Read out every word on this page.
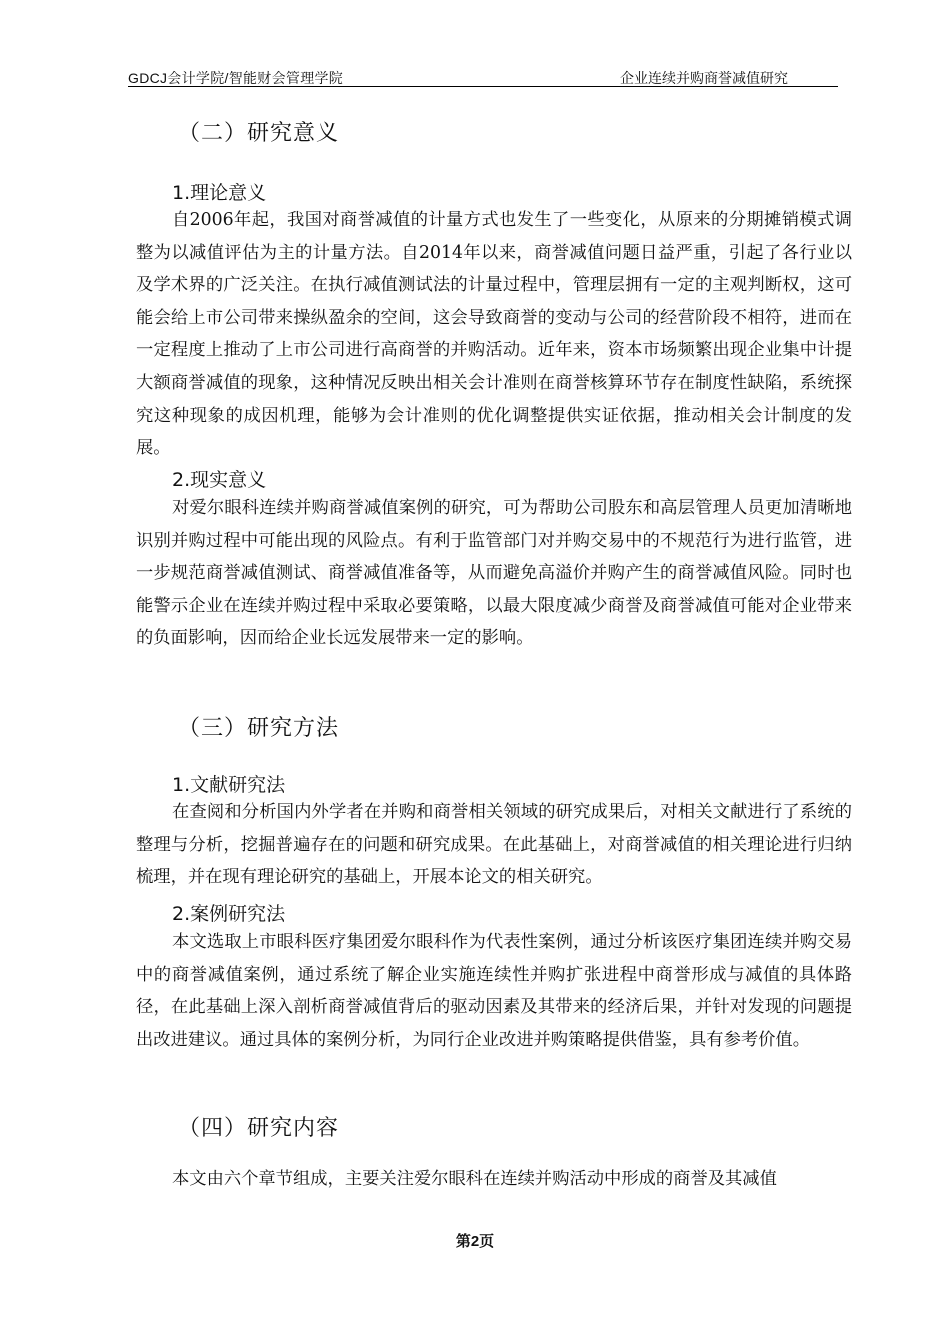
GDCJ会计学院/智能财会管理学院	企业连续并购商誉减值研究
（二）研究意义
1.理论意义

自2006年起，我国对商誉减值的计量方式也发生了一些变化，从原来的分期摊销模式调整为以减值评估为主的计量方法。自2014年以来，商誉减值问题日益严重，引起了各行业以及学术界的广泛关注。在执行减值测试法的计量过程中，管理层拥有一定的主观判断权，这可能会给上市公司带来操纵盈余的空间，这会导致商誉的变动与公司的经营阶段不相符，进而在一定程度上推动了上市公司进行高商誉的并购活动。近年来，资本市场频繁出现企业集中计提大额商誉减值的现象，这种情况反映出相关会计准则在商誉核算环节存在制度性缺陷，系统探究这种现象的成因机理，能够为会计准则的优化调整提供实证依据，推动相关会计制度的发展。

2.现实意义

对爱尔眼科连续并购商誉减值案例的研究，可为帮助公司股东和高层管理人员更加清晰地识别并购过程中可能出现的风险点。有利于监管部门对并购交易中的不规范行为进行监管，进一步规范商誉减值测试、商誉减值准备等，从而避免高溢价并购产生的商誉减值风险。同时也能警示企业在连续并购过程中采取必要策略，以最大限度减少商誉及商誉减值可能对企业带来的负面影响，因而给企业长远发展带来一定的影响。

（三）研究方法
1.文献研究法

在查阅和分析国内外学者在并购和商誉相关领域的研究成果后，对相关文献进行了系统的整理与分析，挖掘普遍存在的问题和研究成果。在此基础上，对商誉减值的相关理论进行归纳梳理，并在现有理论研究的基础上，开展本论文的相关研究。

2.案例研究法

本文选取上市眼科医疗集团爱尔眼科作为代表性案例，通过分析该医疗集团连续并购交易中的商誉减值案例，通过系统了解企业实施连续性并购扩张进程中商誉形成与减值的具体路径，在此基础上深入剖析商誉减值背后的驱动因素及其带来的经济后果，并针对发现的问题提出改进建议。通过具体的案例分析，为同行企业改进并购策略提供借鉴，具有参考价值。

（四）研究内容

本文由六个章节组成，主要关注爱尔眼科在连续并购活动中形成的商誉及其减值

第2页
